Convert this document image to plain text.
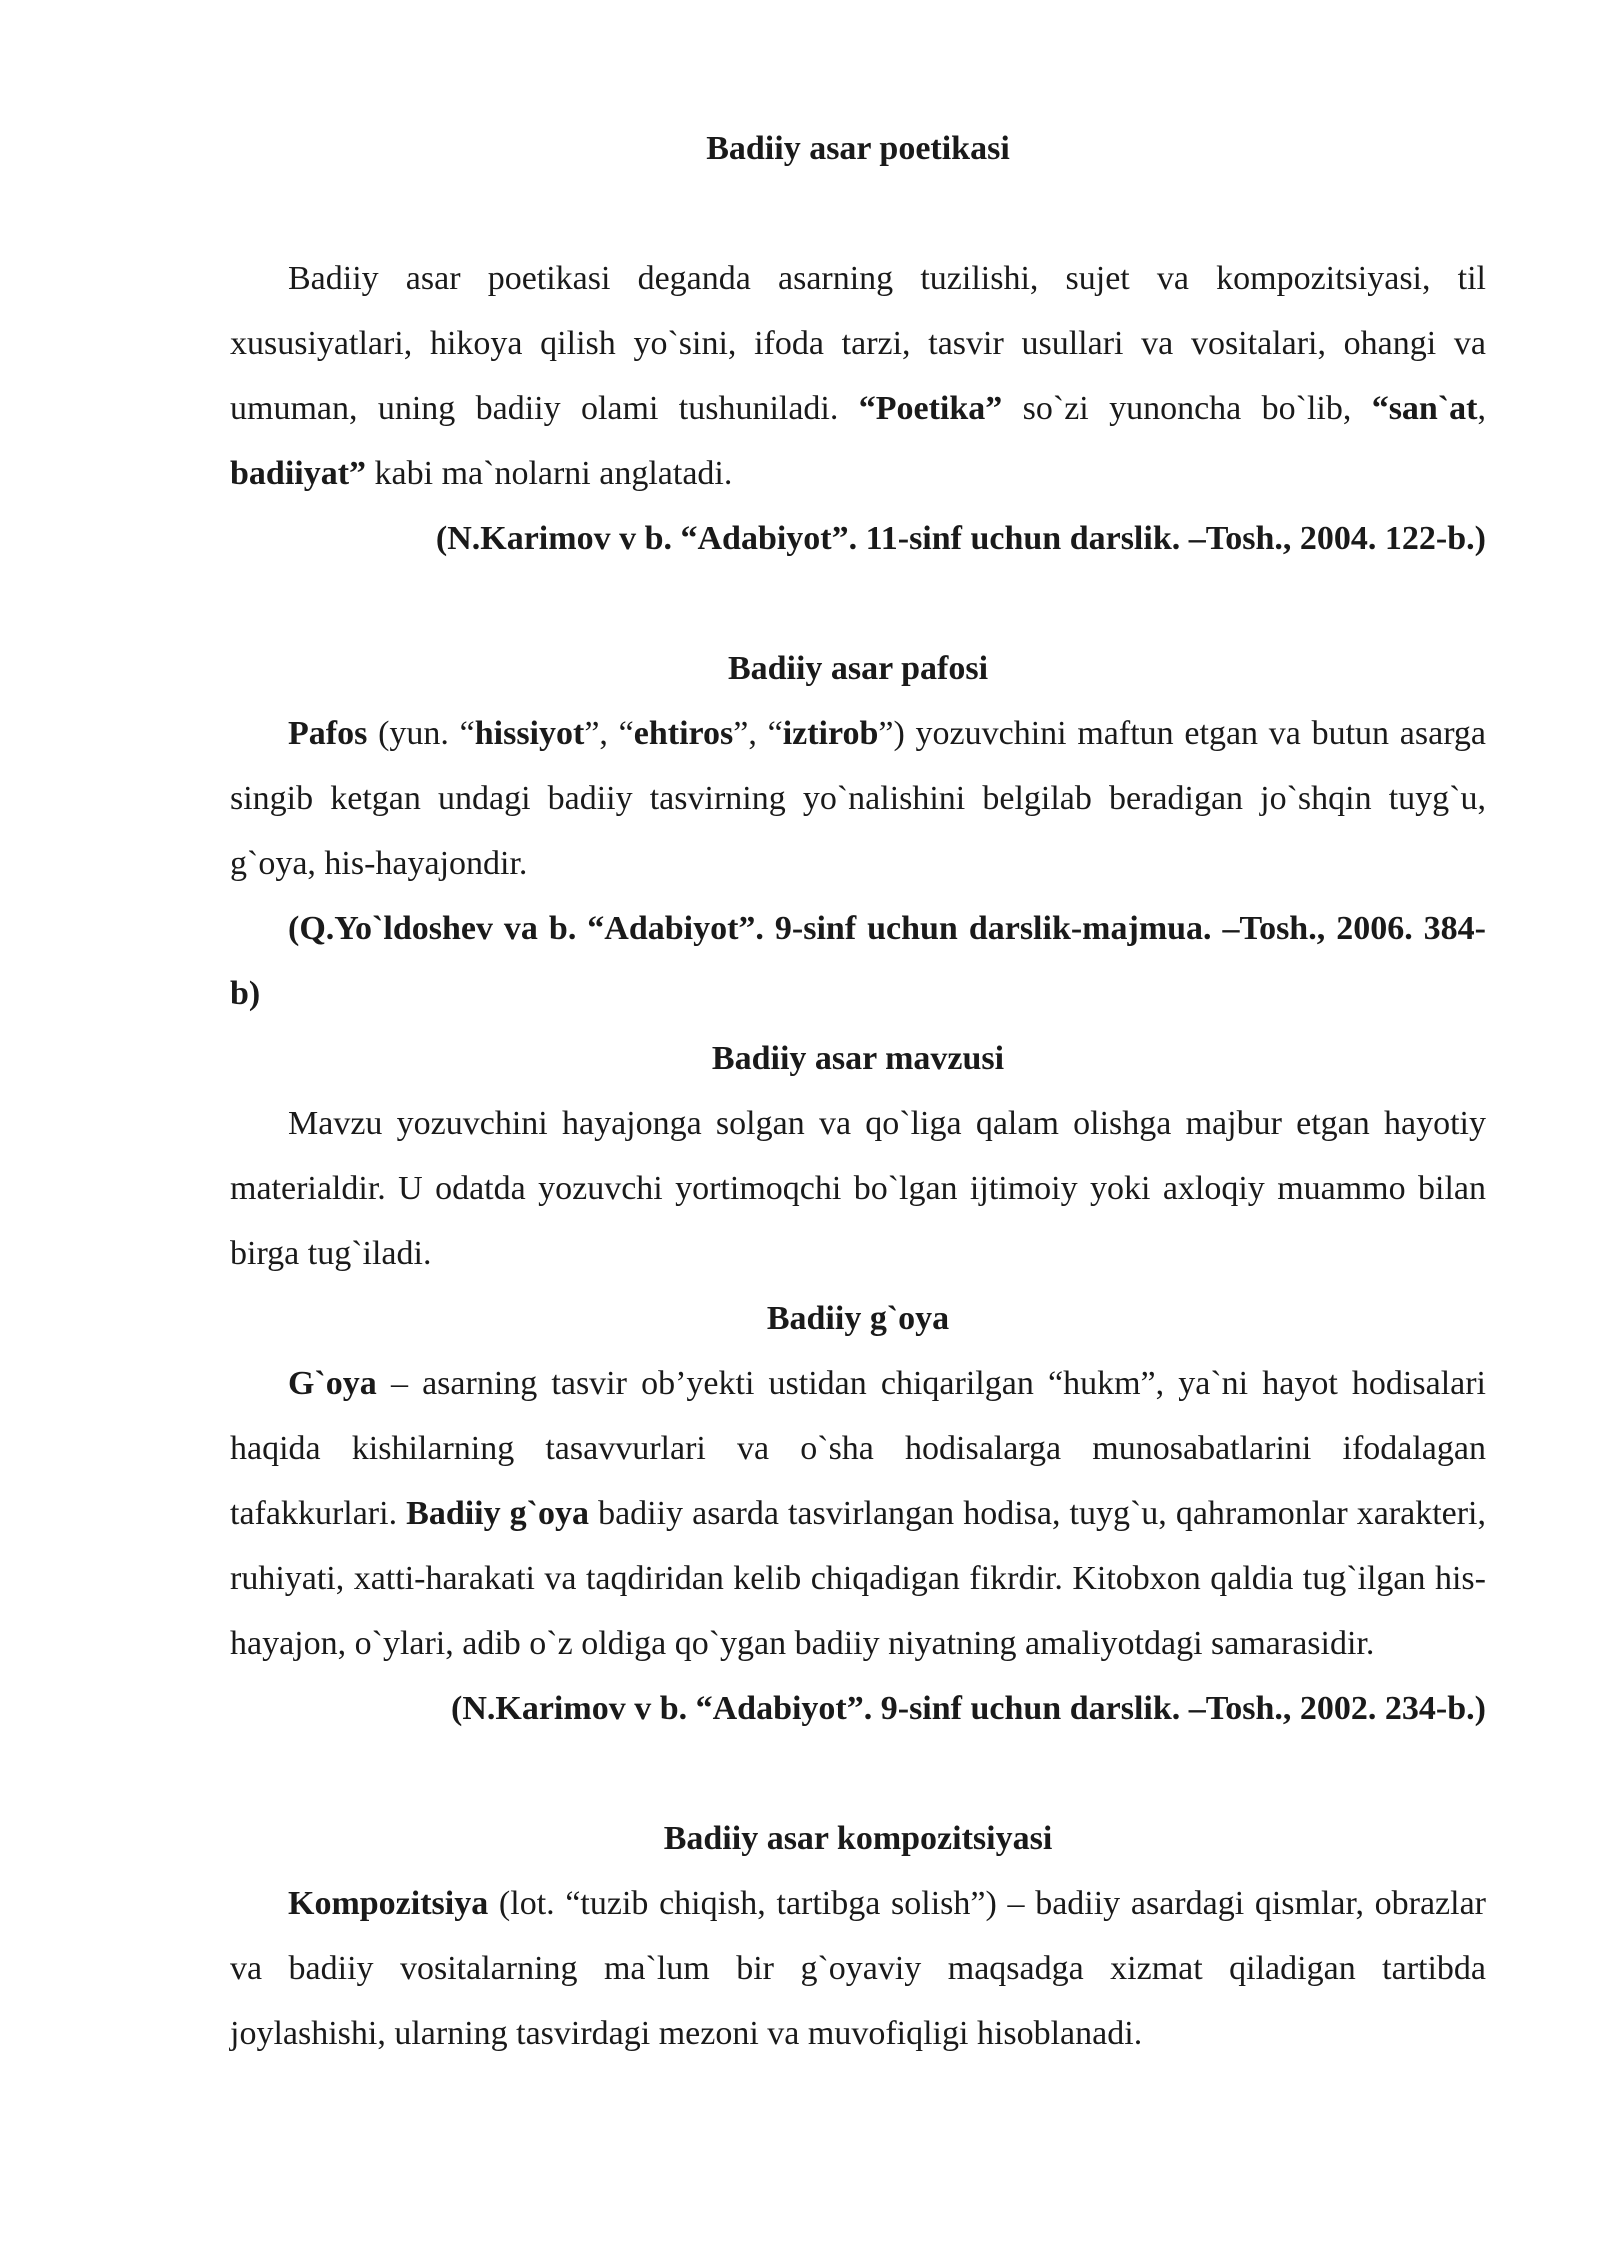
Badiiy asar poetikasi

Badiiy asar poetikasi deganda asarning tuzilishi, sujet va kompozitsiyasi, til xususiyatlari, hikoya qilish yo`sini, ifoda tarzi, tasvir usullari va vositalari, ohangi va umuman, uning badiiy olami tushuniladi. “Poetika” so`zi yunoncha bo`lib, “san`at, badiiyat” kabi ma`nolarni anglatadi.

(N.Karimov v b. “Adabiyot”. 11-sinf uchun darslik. –Tosh., 2004. 122-b.)

Badiiy asar pafosi

Pafos (yun. “hissiyot”, “ehtiros”, “iztirob”) yozuvchini maftun etgan va butun asarga singib ketgan undagi badiiy tasvirning yo`nalishini belgilab beradigan jo`shqin tuyg`u, g`oya, his-hayajondir.

(Q.Yo`ldoshev va b. “Adabiyot”. 9-sinf uchun darslik-majmua. –Tosh., 2006. 384-b)

Badiiy asar mavzusi

Mavzu yozuvchini hayajonga solgan va qo`liga qalam olishga majbur etgan hayotiy materialdir. U odatda yozuvchi yortimoqchi bo`lgan ijtimoiy yoki axloqiy muammo bilan birga tug`iladi.

Badiiy g`oya

G`oya – asarning tasvir ob’yekti ustidan chiqarilgan “hukm”, ya`ni hayot hodisalari haqida kishilarning tasavvurlari va o`sha hodisalarga munosabatlarini ifodalagan tafakkurlari. Badiiy g`oya badiiy asarda tasvirlangan hodisa, tuyg`u, qahramonlar xarakteri, ruhiyati, xatti-harakati va taqdiridan kelib chiqadigan fikrdir. Kitobxon qaldia tug`ilgan his-hayajon, o`ylari, adib o`z oldiga qo`ygan badiiy niyatning amaliyotdagi samarasidir.

(N.Karimov v b. “Adabiyot”. 9-sinf uchun darslik. –Tosh., 2002. 234-b.)

Badiiy asar kompozitsiyasi

Kompozitsiya (lot. “tuzib chiqish, tartibga solish”) – badiiy asardagi qismlar, obrazlar va badiiy vositalarning ma`lum bir g`oyaviy maqsadga xizmat qiladigan tartibda joylashishi, ularning tasvirdagi mezoni va muvofiqligi hisoblanadi.
